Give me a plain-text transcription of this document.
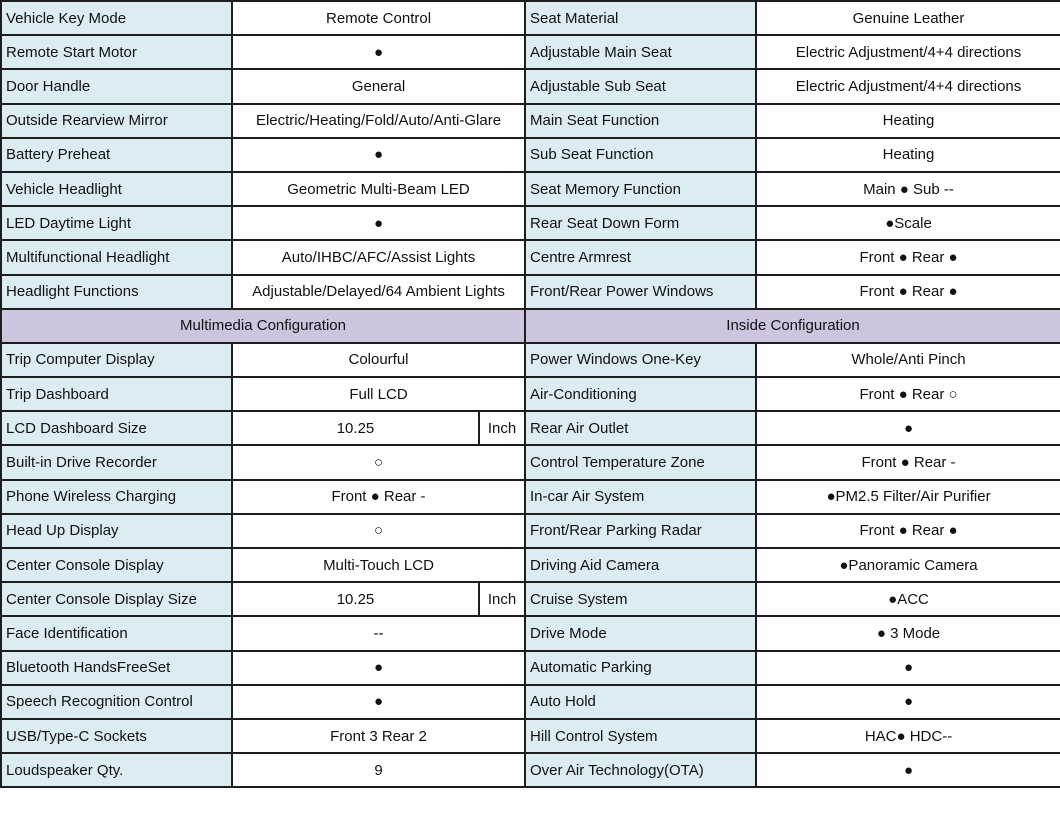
Vehicle Key Mode	Remote Control		Seat Material	Genuine Leather
Remote Start Motor	●		Adjustable Main Seat	Electric Adjustment/4+4 directions
Door Handle	General		Adjustable Sub Seat	Electric Adjustment/4+4 directions
Outside Rearview Mirror	Electric/Heating/Fold/Auto/Anti-Glare		Main Seat Function	Heating
Battery Preheat	●		Sub Seat Function	Heating
Vehicle Headlight	Geometric Multi-Beam LED		Seat Memory Function	Main ● Sub --
LED Daytime Light	●		Rear Seat Down Form	●Scale
Multifunctional Headlight	Auto/IHBC/AFC/Assist Lights		Centre Armrest	Front ● Rear ●
Headlight Functions	Adjustable/Delayed/64 Ambient Lights		Front/Rear Power Windows	Front ● Rear ●
Multimedia Configuration			Inside Configuration	
Trip Computer Display	Colourful		Power Windows One-Key	Whole/Anti Pinch
Trip Dashboard	Full LCD		Air-Conditioning	Front ● Rear ○
LCD Dashboard Size	10.25	Inch	Rear Air Outlet	●
Built-in Drive Recorder	○		Control Temperature Zone	Front ● Rear -
Phone Wireless Charging	Front ● Rear -		In-car Air System	●PM2.5 Filter/Air Purifier
Head Up Display	○		Front/Rear Parking Radar	Front ● Rear ●
Center Console Display	Multi-Touch LCD		Driving Aid Camera	●Panoramic Camera
Center Console Display Size	10.25	Inch	Cruise System	●ACC
Face Identification	--		Drive Mode	● 3 Mode
Bluetooth HandsFreeSet	●		Automatic Parking	●
Speech Recognition Control	●		Auto Hold	●
USB/Type-C Sockets	Front 3 Rear 2		Hill Control System	HAC● HDC--
Loudspeaker Qty.	9		Over Air Technology(OTA)	●
